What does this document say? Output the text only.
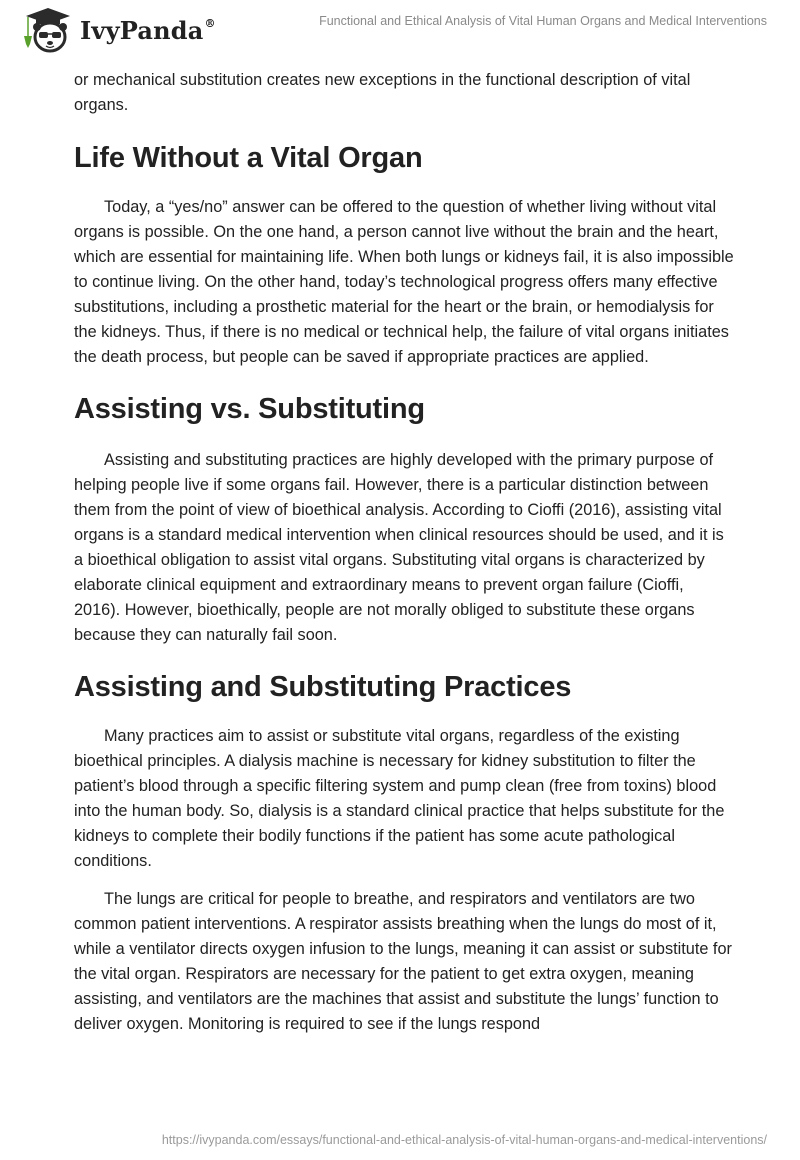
IvyPanda®	Functional and Ethical Analysis of Vital Human Organs and Medical Interventions

or mechanical substitution creates new exceptions in the functional description of vital organs.

Life Without a Vital Organ

Today, a “yes/no” answer can be offered to the question of whether living without vital organs is possible. On the one hand, a person cannot live without the brain and the heart, which are essential for maintaining life. When both lungs or kidneys fail, it is also impossible to continue living. On the other hand, today’s technological progress offers many effective substitutions, including a prosthetic material for the heart or the brain, or hemodialysis for the kidneys. Thus, if there is no medical or technical help, the failure of vital organs initiates the death process, but people can be saved if appropriate practices are applied.

Assisting vs. Substituting

Assisting and substituting practices are highly developed with the primary purpose of helping people live if some organs fail. However, there is a particular distinction between them from the point of view of bioethical analysis. According to Cioffi (2016), assisting vital organs is a standard medical intervention when clinical resources should be used, and it is a bioethical obligation to assist vital organs. Substituting vital organs is characterized by elaborate clinical equipment and extraordinary means to prevent organ failure (Cioffi, 2016). However, bioethically, people are not morally obliged to substitute these organs because they can naturally fail soon.

Assisting and Substituting Practices

Many practices aim to assist or substitute vital organs, regardless of the existing bioethical principles. A dialysis machine is necessary for kidney substitution to filter the patient’s blood through a specific filtering system and pump clean (free from toxins) blood into the human body. So, dialysis is a standard clinical practice that helps substitute for the kidneys to complete their bodily functions if the patient has some acute pathological conditions.

The lungs are critical for people to breathe, and respirators and ventilators are two common patient interventions. A respirator assists breathing when the lungs do most of it, while a ventilator directs oxygen infusion to the lungs, meaning it can assist or substitute for the vital organ. Respirators are necessary for the patient to get extra oxygen, meaning assisting, and ventilators are the machines that assist and substitute the lungs’ function to deliver oxygen. Monitoring is required to see if the lungs respond

https://ivypanda.com/essays/functional-and-ethical-analysis-of-vital-human-organs-and-medical-interventions/
